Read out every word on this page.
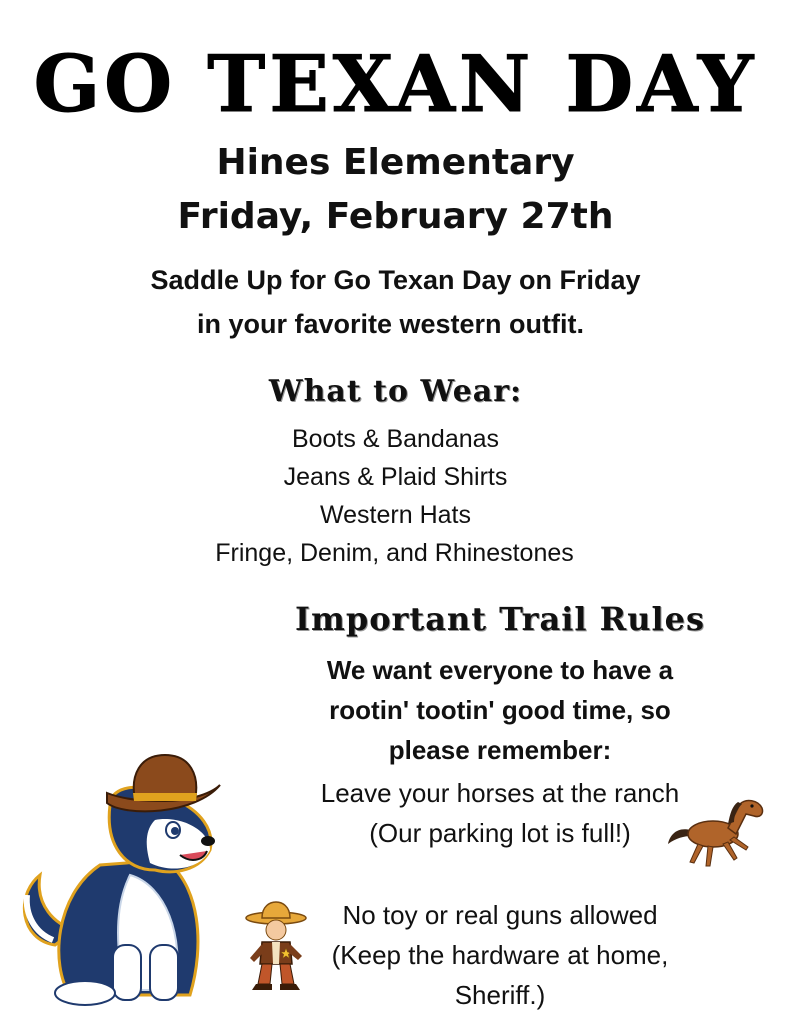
GO TEXAN DAY
Hines Elementary
Friday, February 27th
Saddle Up for Go Texan Day on Friday
in your favorite western outfit.
What to Wear:
Boots & Bandanas
Jeans & Plaid Shirts
Western Hats
Fringe, Denim, and Rhinestones
Important Trail Rules
We want everyone to have a
rootin' tootin' good time, so
please remember:
Leave your horses at the ranch
(Our parking lot is full!)
No toy or real guns allowed
(Keep the hardware at home,
Sheriff.)
